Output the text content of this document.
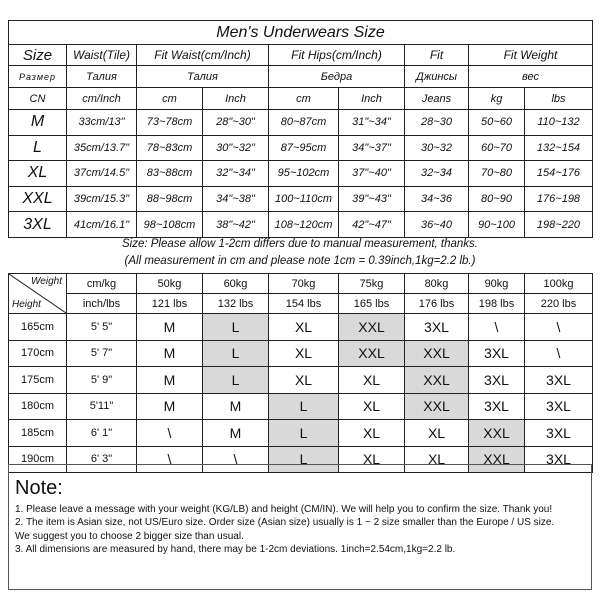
Men's Underwears Size								
Size	Waist(Tile)	Fit Waist(cm/Inch)		Fit Hips(cm/Inch)		Fit	Fit Weight	
Размер	Талия	Талия		Бедра		Джинсы	вес	
CN	cm/Inch	cm	Inch	cm	Inch	Jeans	kg	lbs
M	33cm/13"	73~78cm	28"~30"	80~87cm	31"~34"	28~30	50~60	110~132
L	35cm/13.7"	78~83cm	30"~32"	87~95cm	34"~37"	30~32	60~70	132~154
XL	37cm/14.5"	83~88cm	32"~34"	95~102cm	37"~40"	32~34	70~80	154~176
XXL	39cm/15.3"	88~98cm	34"~38"	100~110cm	39"~43"	34~36	80~90	176~198
3XL	41cm/16.1"	98~108cm	38"~42"	108~120cm	42"~47"	36~40	90~100	198~220
Size: Please allow 1-2cm differs due to manual measurement, thanks.
(All measurement in cm and please note 1cm = 0.39inch,1kg=2.2 lb.)
Weight
Height	cm/kg	50kg	60kg	70kg	75kg	80kg	90kg	100kg
	inch/lbs	121 lbs	132 lbs	154 lbs	165 lbs	176 lbs	198 lbs	220 lbs
165cm	5' 5"	M	L	XL	XXL	3XL	\	\
170cm	5' 7"	M	L	XL	XXL	XXL	3XL	\
175cm	5' 9"	M	L	XL	XL	XXL	3XL	3XL
180cm	5'11"	M	M	L	XL	XXL	3XL	3XL
185cm	6' 1"	\	M	L	XL	XL	XXL	3XL
190cm	6' 3"	\	\	L	XL	XL	XXL	3XL
Note:

1. Please leave a message with your weight (KG/LB) and height (CM/IN). We will help you to confirm the size. Thank you!

2. The item is Asian size, not US/Euro size. Order size (Asian size) usually is 1 ~ 2 size smaller than the Europe / US size.

We suggest you to choose 2 bigger size than usual.

3. All dimensions are measured by hand, there may be 1-2cm deviations. 1inch=2.54cm,1kg=2.2 lb.
